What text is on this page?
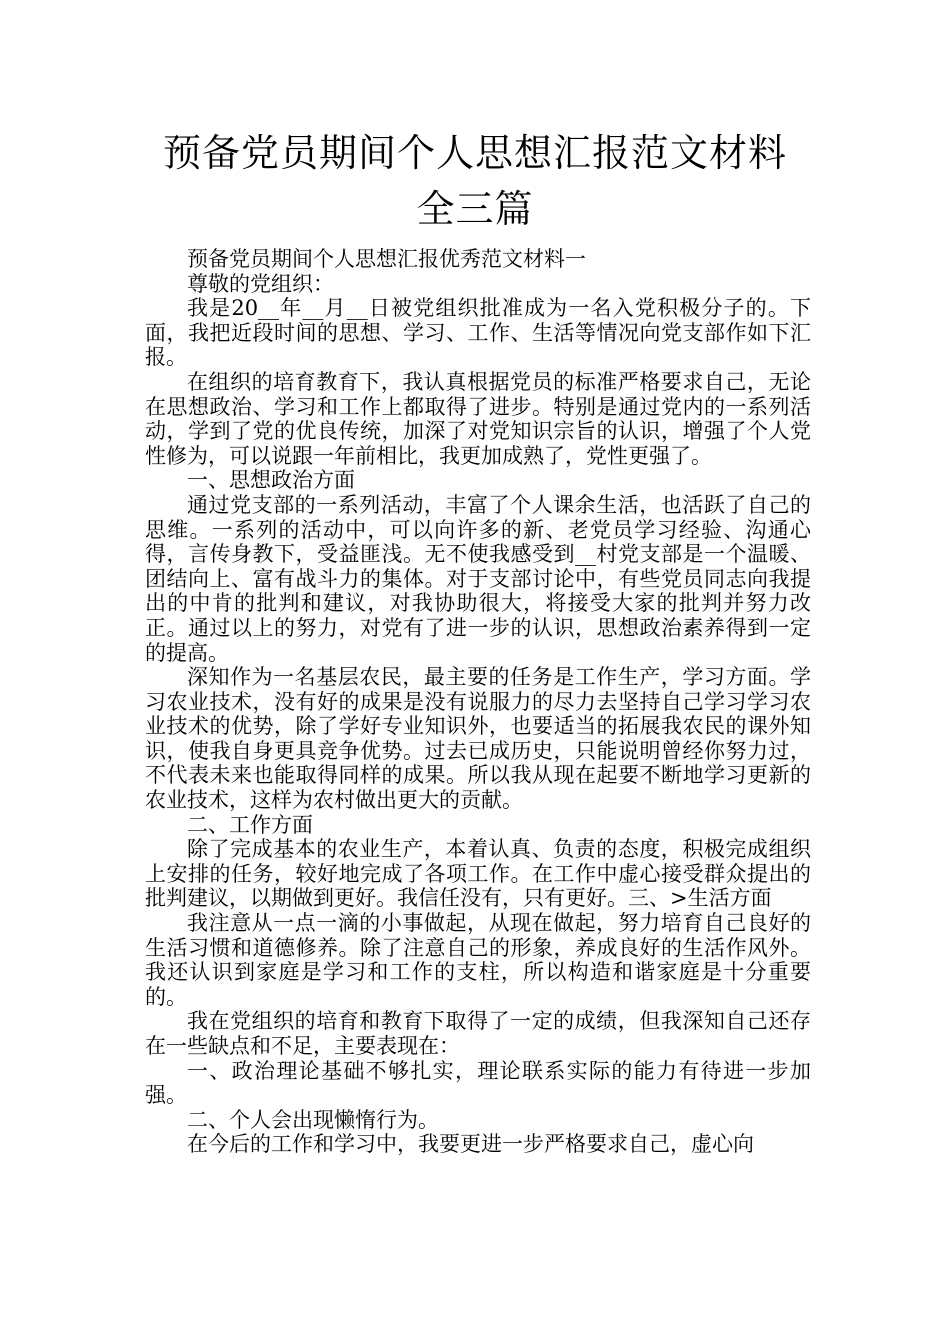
预备党员期间个人思想汇报范文材料全三篇

预备党员期间个人思想汇报优秀范文材料一

尊敬的党组织：

我是20__年__月__日被党组织批准成为一名入党积极分子的。下面，我把近段时间的思想、学习、工作、生活等情况向党支部作如下汇报。

在组织的培育教育下，我认真根据党员的标准严格要求自己，无论在思想政治、学习和工作上都取得了进步。特别是通过党内的一系列活动，学到了党的优良传统，加深了对党知识宗旨的认识，增强了个人党性修为，可以说跟一年前相比，我更加成熟了，党性更强了。

一、思想政治方面

通过党支部的一系列活动，丰富了个人课余生活，也活跃了自己的思维。一系列的活动中，可以向许多的新、老党员学习经验、沟通心得，言传身教下，受益匪浅。无不使我感受到__村党支部是一个温暖、团结向上、富有战斗力的集体。对于支部讨论中，有些党员同志向我提出的中肯的批判和建议，对我协助很大，将接受大家的批判并努力改正。通过以上的努力，对党有了进一步的认识，思想政治素养得到一定的提高。

深知作为一名基层农民，最主要的任务是工作生产，学习方面。学习农业技术，没有好的成果是没有说服力的尽力去坚持自己学习学习农业技术的优势，除了学好专业知识外，也要适当的拓展我农民的课外知识，使我自身更具竞争优势。过去已成历史，只能说明曾经你努力过，不代表未来也能取得同样的成果。所以我从现在起要不断地学习更新的农业技术，这样为农村做出更大的贡献。

二、工作方面

除了完成基本的农业生产，本着认真、负责的态度，积极完成组织上安排的任务，较好地完成了各项工作。在工作中虚心接受群众提出的批判建议，以期做到更好。我信任没有，只有更好。三、>生活方面

我注意从一点一滴的小事做起，从现在做起，努力培育自己良好的生活习惯和道德修养。除了注意自己的形象，养成良好的生活作风外。我还认识到家庭是学习和工作的支柱，所以构造和谐家庭是十分重要的。

我在党组织的培育和教育下取得了一定的成绩，但我深知自己还存在一些缺点和不足，主要表现在：

一、政治理论基础不够扎实，理论联系实际的能力有待进一步加强。

二、个人会出现懒惰行为。

在今后的工作和学习中，我要更进一步严格要求自己，虚心向
